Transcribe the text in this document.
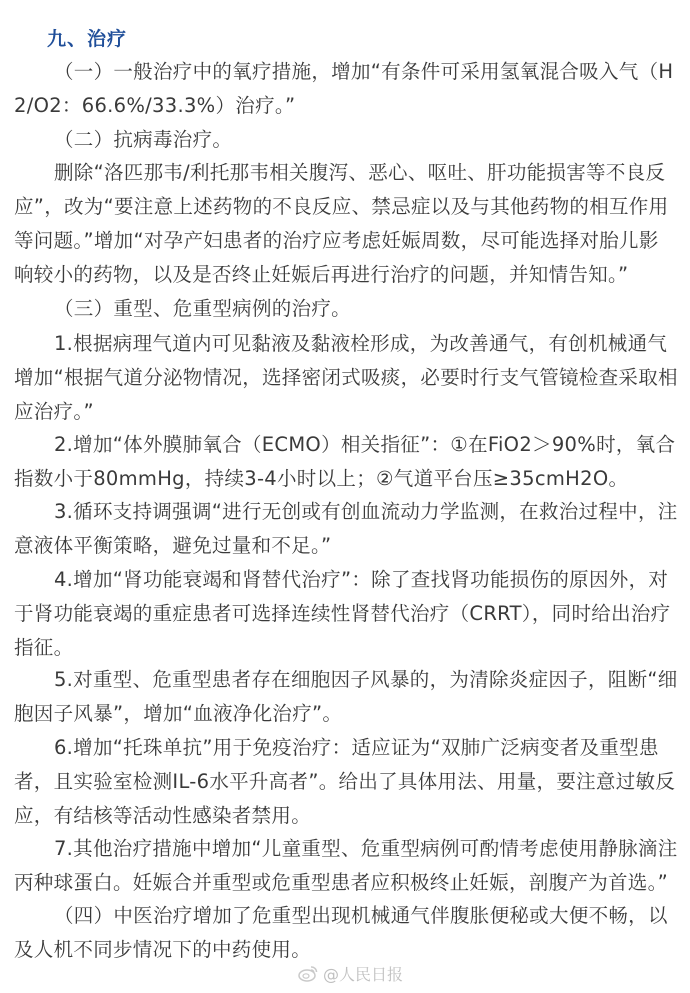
九、治疗

（一）一般治疗中的氧疗措施，增加“有条件可采用氢氧混合吸入气（H2/O2：66.6%/33.3%）治疗。”

（二）抗病毒治疗。

删除“洛匹那韦/利托那韦相关腹泻、恶心、呕吐、肝功能损害等不良反应”，改为“要注意上述药物的不良反应、禁忌症以及与其他药物的相互作用等问题。”增加“对孕产妇患者的治疗应考虑妊娠周数，尽可能选择对胎儿影响较小的药物，以及是否终止妊娠后再进行治疗的问题，并知情告知。”

（三）重型、危重型病例的治疗。

1.根据病理气道内可见黏液及黏液栓形成，为改善通气，有创机械通气增加“根据气道分泌物情况，选择密闭式吸痰，必要时行支气管镜检查采取相应治疗。”

2.增加“体外膜肺氧合（ECMO）相关指征”：①在FiO2＞90%时，氧合指数小于80mmHg，持续3-4小时以上；②气道平台压≥35cmH2O。

3.循环支持调强调“进行无创或有创血流动力学监测，在救治过程中，注意液体平衡策略，避免过量和不足。”

4.增加“肾功能衰竭和肾替代治疗”：除了查找肾功能损伤的原因外，对于肾功能衰竭的重症患者可选择连续性肾替代治疗（CRRT），同时给出治疗指征。

5.对重型、危重型患者存在细胞因子风暴的，为清除炎症因子，阻断“细胞因子风暴”，增加“血液净化治疗”。

6.增加“托珠单抗”用于免疫治疗：适应证为“双肺广泛病变者及重型患者，且实验室检测IL-6水平升高者”。给出了具体用法、用量，要注意过敏反应，有结核等活动性感染者禁用。

7.其他治疗措施中增加“儿童重型、危重型病例可酌情考虑使用静脉滴注丙种球蛋白。妊娠合并重型或危重型患者应积极终止妊娠，剖腹产为首选。”

（四）中医治疗增加了危重型出现机械通气伴腹胀便秘或大便不畅，以及人机不同步情况下的中药使用。

@人民日报
